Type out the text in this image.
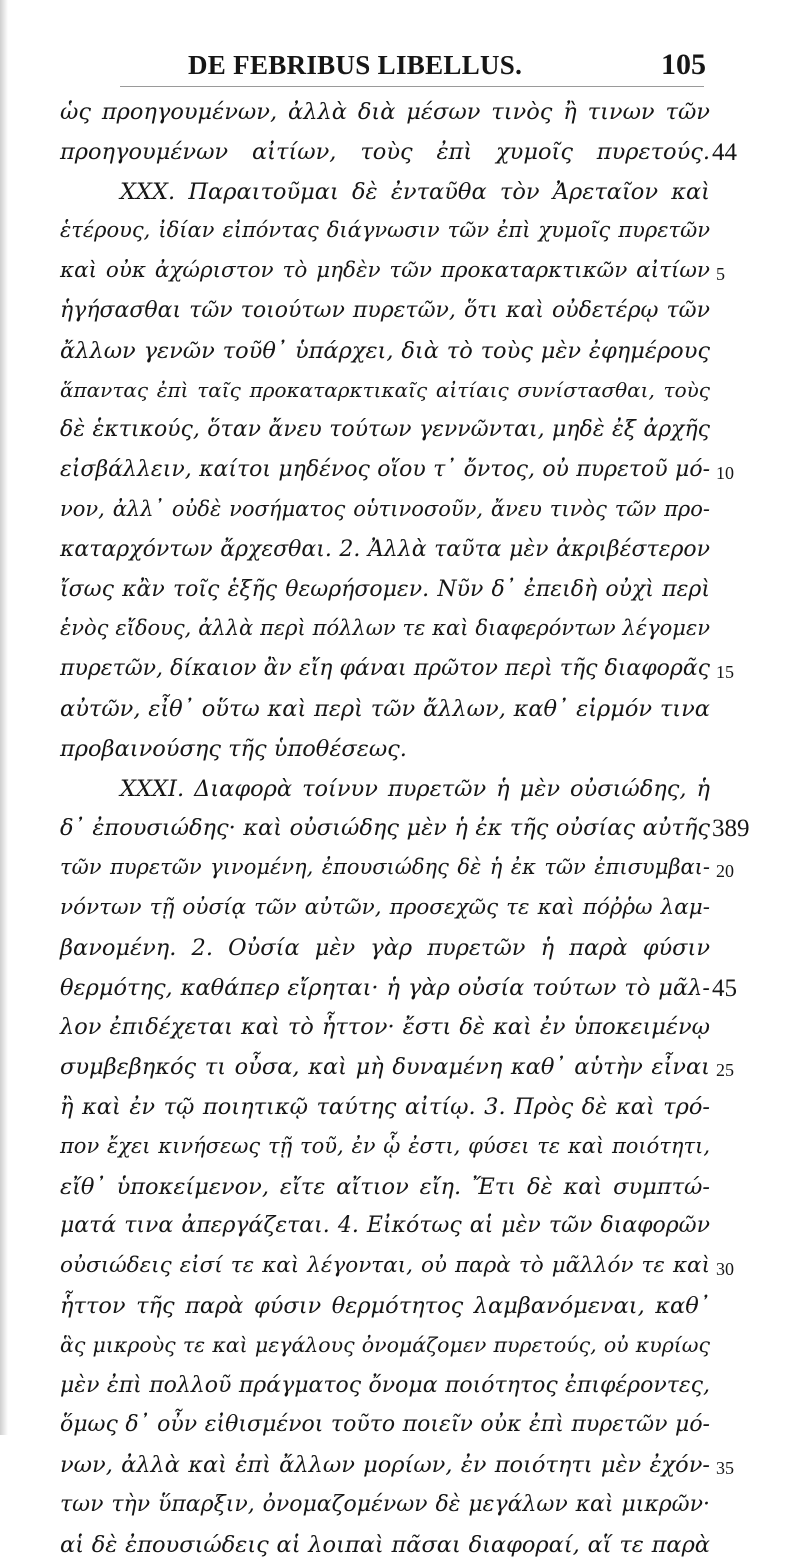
DE FEBRIBUS LIBELLUS.	105
ὡς προηγουμένων, ἀλλὰ διὰ μέσων τινὸς ἢ τινων τῶν
προηγουμένων αἰτίων, τοὺς ἐπὶ χυμοῖς πυρετούς. 44
XXX. Παραιτοῦμαι δὲ ἐνταῦθα τὸν Ἀρεταῖον καὶ
ἑτέρους, ἰδίαν εἰπόντας διάγνωσιν τῶν ἐπὶ χυμοῖς πυρετῶν
καὶ οὐκ ἀχώριστον τὸ μηδὲν τῶν προκαταρκτικῶν αἰτίων 5
ἡγήσασθαι τῶν τοιούτων πυρετῶν, ὅτι καὶ οὐδετέρῳ τῶν
ἄλλων γενῶν τοῦθ᾽ ὑπάρχει, διὰ τὸ τοὺς μὲν ἐφημέρους
ἅπαντας ἐπὶ ταῖς προκαταρκτικαῖς αἰτίαις συνίστασθαι, τοὺς
δὲ ἑκτικούς, ὅταν ἄνευ τούτων γεννῶνται, μηδὲ ἐξ ἀρχῆς
εἰσβάλλειν, καίτοι μηδένος οἵου τ᾽ ὄντος, οὐ πυρετοῦ μό- 10
νον, ἀλλ᾽ οὐδὲ νοσήματος οὑτινοσοῦν, ἄνευ τινὸς τῶν προ-
καταρχόντων ἄρχεσθαι. 2. Ἀλλὰ ταῦτα μὲν ἀκριβέστερον
ἴσως κἂν τοῖς ἑξῆς θεωρήσομεν. Νῦν δ᾽ ἐπειδὴ οὐχὶ περὶ
ἑνὸς εἴδους, ἀλλὰ περὶ πόλλων τε καὶ διαφερόντων λέγομεν
πυρετῶν, δίκαιον ἂν εἴη φάναι πρῶτον περὶ τῆς διαφορᾶς 15
αὐτῶν, εἶθ᾽ οὕτω καὶ περὶ τῶν ἄλλων, καθ᾽ εἱρμόν τινα
προβαινούσης τῆς ὑποθέσεως.
XXXI. Διαφορὰ τοίνυν πυρετῶν ἡ μὲν οὐσιώδης, ἡ
δ᾽ ἐπουσιώδης· καὶ οὐσιώδης μὲν ἡ ἐκ τῆς οὐσίας αὐτῆς 389
τῶν πυρετῶν γινομένη, ἐπουσιώδης δὲ ἡ ἐκ τῶν ἐπισυμβαι- 20
νόντων τῇ οὐσίᾳ τῶν αὐτῶν, προσεχῶς τε καὶ πόῤῥω λαμ-
βανομένη. 2. Οὐσία μὲν γὰρ πυρετῶν ἡ παρὰ φύσιν
θερμότης, καθάπερ εἴρηται· ἡ γὰρ οὐσία τούτων τὸ μᾶλ- 45
λον ἐπιδέχεται καὶ τὸ ἧττον· ἔστι δὲ καὶ ἐν ὑποκειμένῳ
συμβεβηκός τι οὖσα, καὶ μὴ δυναμένη καθ᾽ αὑτὴν εἶναι 25
ἢ καὶ ἐν τῷ ποιητικῷ ταύτης αἰτίῳ. 3. Πρὸς δὲ καὶ τρό-
πον ἔχει κινήσεως τῇ τοῦ, ἐν ᾧ ἐστι, φύσει τε καὶ ποιότητι,
εἴθ᾽ ὑποκείμενον, εἴτε αἴτιον εἴη. Ἔτι δὲ καὶ συμπτώ-
ματά τινα ἀπεργάζεται. 4. Εἰκότως αἱ μὲν τῶν διαφορῶν
οὐσιώδεις εἰσί τε καὶ λέγονται, οὐ παρὰ τὸ μᾶλλόν τε καὶ 30
ἧττον τῆς παρὰ φύσιν θερμότητος λαμβανόμεναι, καθ᾽
ἃς μικροὺς τε καὶ μεγάλους ὀνομάζομεν πυρετούς, οὐ κυρίως
μὲν ἐπὶ πολλοῦ πράγματος ὄνομα ποιότητος ἐπιφέροντες,
ὅμως δ᾽ οὖν εἰθισμένοι τοῦτο ποιεῖν οὐκ ἐπὶ πυρετῶν μό-
νων, ἀλλὰ καὶ ἐπὶ ἄλλων μορίων, ἐν ποιότητι μὲν ἐχόν- 35
των τὴν ὕπαρξιν, ὀνομαζομένων δὲ μεγάλων καὶ μικρῶν·
αἱ δὲ ἐπουσιώδεις αἱ λοιπαὶ πᾶσαι διαφοραί, αἵ τε παρὰ
